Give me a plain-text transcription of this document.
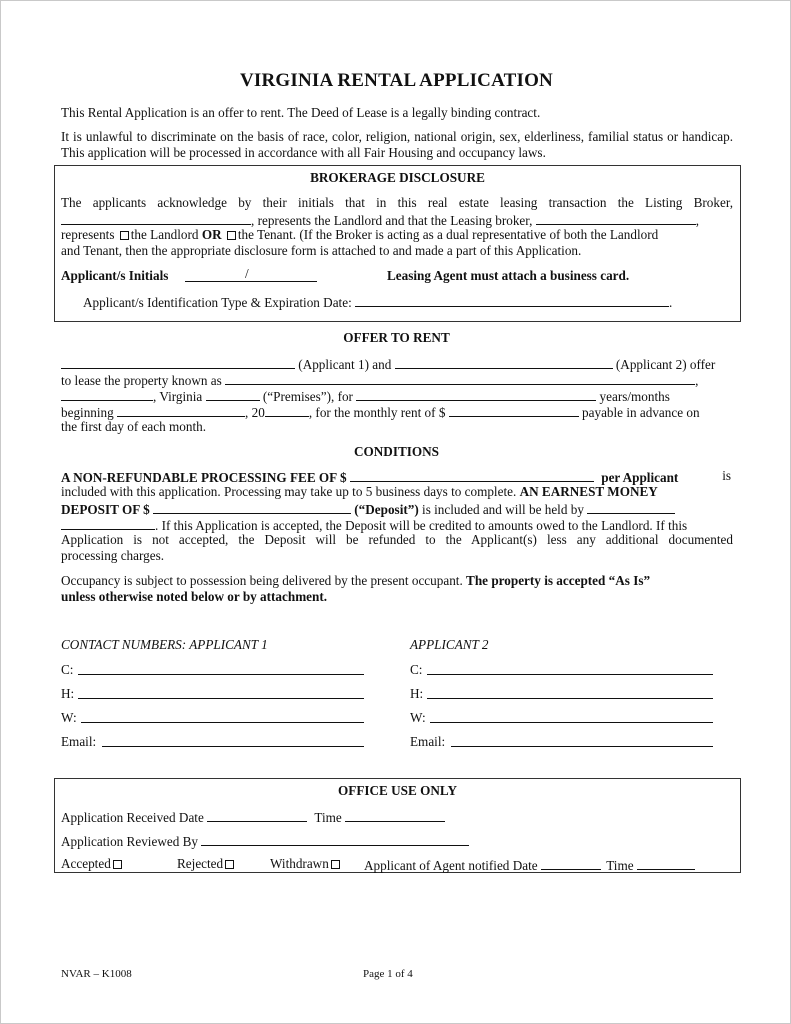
VIRGINIA RENTAL APPLICATION
This Rental Application is an offer to rent. The Deed of Lease is a legally binding contract.
It is unlawful to discriminate on the basis of race, color, religion, national origin, sex, elderliness, familial status or handicap. This application will be processed in accordance with all Fair Housing and occupancy laws.
BROKERAGE DISCLOSURE
The applicants acknowledge by their initials that in this real estate leasing transaction the Listing Broker,
, represents the Landlord and that the Leasing broker,	,
represents the Landlord OR the Tenant. (If the Broker is acting as a dual representative of both the Landlord
and Tenant, then the appropriate disclosure form is attached to and made a part of this Application.
Applicant/s Initials	/	Leasing Agent must attach a business card.
Applicant/s Identification Type & Expiration Date:	.
OFFER TO RENT
(Applicant 1) and	(Applicant 2) offer
to lease the property known as	,
, Virginia	(“Premises”), for	years/months
beginning	, 20	, for the monthly rent of $	payable in advance on
the first day of each month.
CONDITIONS
A NON-REFUNDABLE PROCESSING FEE OF $	per Applicant	is
included with this application. Processing may take up to 5 business days to complete. AN EARNEST MONEY
DEPOSIT OF $	(“Deposit”) is included and will be held by
. If this Application is accepted, the Deposit will be credited to amounts owed to the Landlord. If this
Application is not accepted, the Deposit will be refunded to the Applicant(s) less any additional documented
processing charges.
Occupancy is subject to possession being delivered by the present occupant. The property is accepted “As Is”
unless otherwise noted below or by attachment.
CONTACT NUMBERS: APPLICANT 1	APPLICANT 2
C:	C:
H:	H:
W:	W:
Email:	Email:
OFFICE USE ONLY
Application Received Date	Time
Application Reviewed By
Accepted	Rejected	Withdrawn	Applicant of Agent notified Date	Time
NVAR – K1008	Page 1 of 4
